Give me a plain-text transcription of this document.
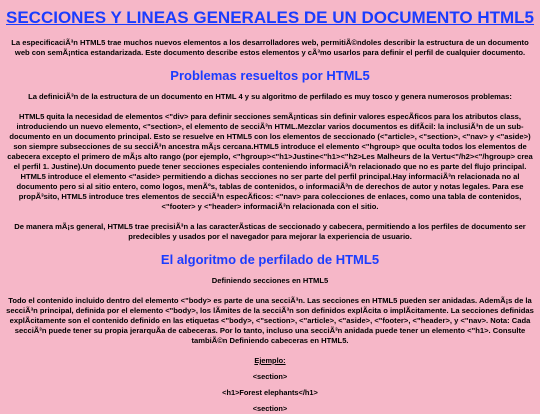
SECCIONES Y LINEAS GENERALES DE UN DOCUMENTO HTML5

La especificaciÃ³n HTML5 trae muchos nuevos elementos a los desarrolladores web, permitiÃ©ndoles describir la estructura de un documento web con semÃ¡ntica estandarizada. Este documento describe estos elementos y cÃ³mo usarlos para definir el perfil de cualquier documento.

Problemas resueltos por HTML5

La definiciÃ³n de la estructura de un documento en HTML 4 y su algoritmo de perfilado es muy tosco y genera numerosos problemas:

HTML5 quita la necesidad de elementos <"div> para definir secciones semÃ¡nticas sin definir valores especÃficos para los atributos class, introduciendo un nuevo elemento, <"section>, el elemento de secciÃ³n HTML.Mezclar varios documentos es difÃcil: la inclusiÃ³n de un sub-documento en un documento principal. Esto se resuelve en HTML5 con los elementos de seccionado (<"article>, <"section>, <"nav> y <"aside>) son siempre subsecciones de su secciÃ³n ancestra mÃ¡s cercana.HTML5 introduce el elemento <"hgroup> que oculta todos los elementos de cabecera excepto el primero de mÃ¡s alto rango (por ejemplo, <"hgroup><"h1>Justine<"h1><"h2>Les Malheurs de la Vertu<"/h2><"/hgroup> crea el perfil 1. Justine).Un documento puede tener secciones especiales conteniendo informaciÃ³n relacionado que no es parte del flujo principal. HTML5 introduce el elemento <"aside> permitiendo a dichas secciones no ser parte del perfil principal.Hay informaciÃ³n relacionada no al documento pero si al sitio entero, como logos, menÃºs, tablas de contenidos, o informaciÃ³n de derechos de autor y notas legales. Para ese propÃ³sito, HTML5 introduce tres elementos de secciÃ³n especÃficos: <"nav> para colecciones de enlaces, como una tabla de contenidos, <"footer> y <"header> informaciÃ³n relacionada con el sitio.

De manera mÃ¡s general, HTML5 trae precisiÃ³n a las caracterÃsticas de seccionado y cabecera, permitiendo a los perfiles de documento ser predecibles y usados por el navegador para mejorar la experiencia de usuario.

El algoritmo de perfilado de HTML5

Definiendo secciones en HTML5

Todo el contenido incluido dentro del elemento <"body> es parte de una secciÃ³n. Las secciones en HTML5 pueden ser anidadas. AdemÃ¡s de la secciÃ³n principal, definida por el elemento <"body>, los lÃmites de la secciÃ³n son definidos explÃcita o implÃcitamente. La secciones definidas explÃcitamente son el contenido definido en las etiquetas <"body>, <"section>, <"article>, <"aside>, <"footer>, <"header>, y <"nav>. Nota: Cada secciÃ³n puede tener su propia jerarquÃa de cabeceras. Por lo tanto, incluso una secciÃ³n anidada puede tener un elemento <"h1>. Consulte tambiÃ©n Definiendo cabeceras en HTML5.

Ejemplo:

<section>

<h1>Forest elephants</h1>

<section>
